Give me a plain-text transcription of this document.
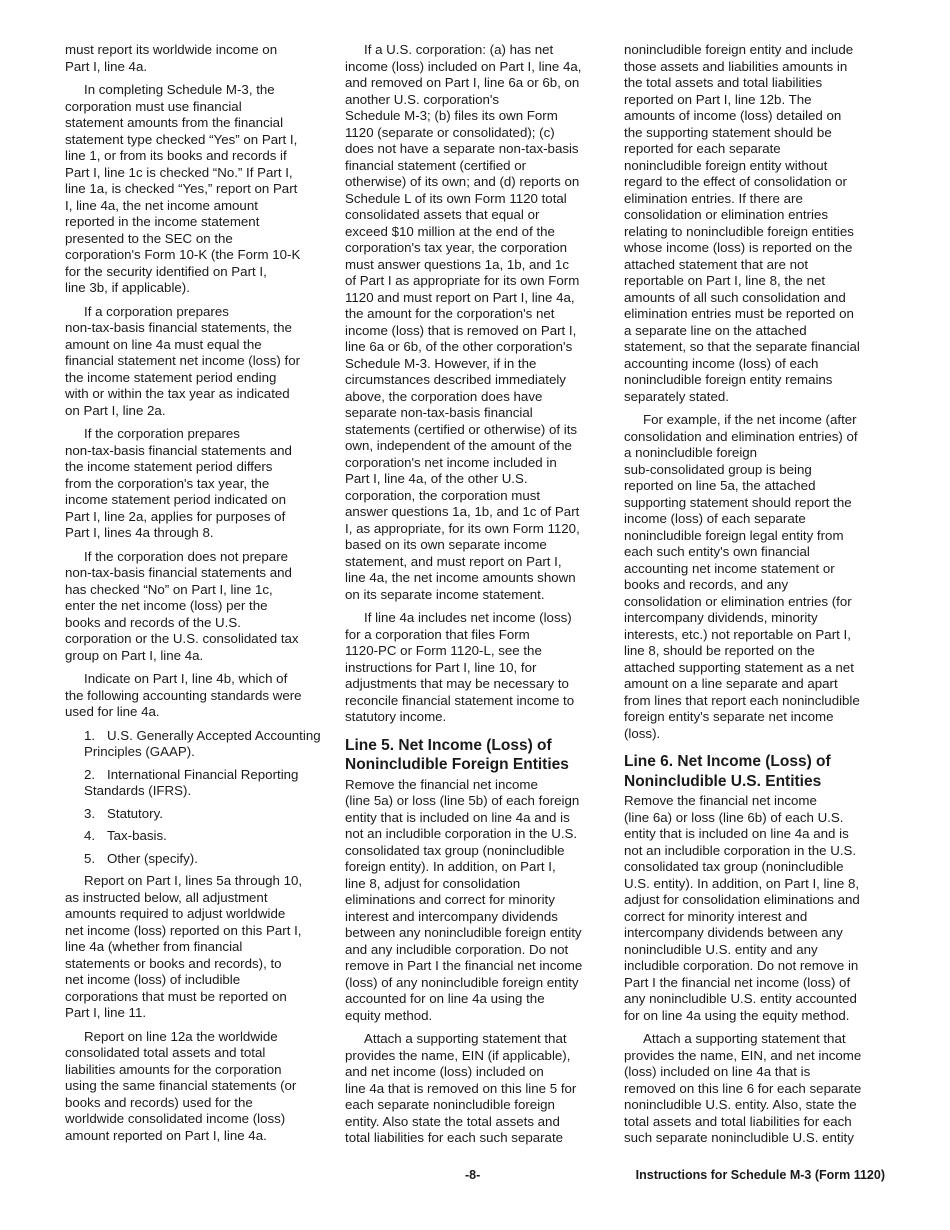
must report its worldwide income on
Part I, line 4a.

In completing Schedule M-3, the
corporation must use financial
statement amounts from the financial
statement type checked “Yes” on Part I,
line 1, or from its books and records if
Part I, line 1c is checked “No.” If Part I,
line 1a, is checked “Yes,” report on Part
I, line 4a, the net income amount
reported in the income statement
presented to the SEC on the
corporation's Form 10-K (the Form 10-K
for the security identified on Part I,
line 3b, if applicable).

If a corporation prepares
non-tax-basis financial statements, the
amount on line 4a must equal the
financial statement net income (loss) for
the income statement period ending
with or within the tax year as indicated
on Part I, line 2a.

If the corporation prepares
non-tax-basis financial statements and
the income statement period differs
from the corporation's tax year, the
income statement period indicated on
Part I, line 2a, applies for purposes of
Part I, lines 4a through 8.

If the corporation does not prepare
non-tax-basis financial statements and
has checked “No” on Part I, line 1c,
enter the net income (loss) per the
books and records of the U.S.
corporation or the U.S. consolidated tax
group on Part I, line 4a.

Indicate on Part I, line 4b, which of
the following accounting standards were
used for line 4a.

1. U.S. Generally Accepted Accounting Principles (GAAP).
2. International Financial Reporting Standards (IFRS).
3. Statutory.
4. Tax-basis.
5. Other (specify).

Report on Part I, lines 5a through 10,
as instructed below, all adjustment
amounts required to adjust worldwide
net income (loss) reported on this Part I,
line 4a (whether from financial
statements or books and records), to
net income (loss) of includible
corporations that must be reported on
Part I, line 11.

Report on line 12a the worldwide
consolidated total assets and total
liabilities amounts for the corporation
using the same financial statements (or
books and records) used for the
worldwide consolidated income (loss)
amount reported on Part I, line 4a.

If a U.S. corporation: (a) has net
income (loss) included on Part I, line 4a,
and removed on Part I, line 6a or 6b, on
another U.S. corporation's
Schedule M-3; (b) files its own Form
1120 (separate or consolidated); (c)
does not have a separate non-tax-basis
financial statement (certified or
otherwise) of its own; and (d) reports on
Schedule L of its own Form 1120 total
consolidated assets that equal or
exceed $10 million at the end of the
corporation's tax year, the corporation
must answer questions 1a, 1b, and 1c
of Part I as appropriate for its own Form
1120 and must report on Part I, line 4a,
the amount for the corporation's net
income (loss) that is removed on Part I,
line 6a or 6b, of the other corporation's
Schedule M-3. However, if in the
circumstances described immediately
above, the corporation does have
separate non-tax-basis financial
statements (certified or otherwise) of its
own, independent of the amount of the
corporation's net income included in
Part I, line 4a, of the other U.S.
corporation, the corporation must
answer questions 1a, 1b, and 1c of Part
I, as appropriate, for its own Form 1120,
based on its own separate income
statement, and must report on Part I,
line 4a, the net income amounts shown
on its separate income statement.

If line 4a includes net income (loss)
for a corporation that files Form
1120-PC or Form 1120-L, see the
instructions for Part I, line 10, for
adjustments that may be necessary to
reconcile financial statement income to
statutory income.

Line 5. Net Income (Loss) of
Nonincludible Foreign Entities

Remove the financial net income
(line 5a) or loss (line 5b) of each foreign
entity that is included on line 4a and is
not an includible corporation in the U.S.
consolidated tax group (nonincludible
foreign entity). In addition, on Part I,
line 8, adjust for consolidation
eliminations and correct for minority
interest and intercompany dividends
between any nonincludible foreign entity
and any includible corporation. Do not
remove in Part I the financial net income
(loss) of any nonincludible foreign entity
accounted for on line 4a using the
equity method.

Attach a supporting statement that
provides the name, EIN (if applicable),
and net income (loss) included on
line 4a that is removed on this line 5 for
each separate nonincludible foreign
entity. Also state the total assets and
total liabilities for each such separate

nonincludible foreign entity and include
those assets and liabilities amounts in
the total assets and total liabilities
reported on Part I, line 12b. The
amounts of income (loss) detailed on
the supporting statement should be
reported for each separate
nonincludible foreign entity without
regard to the effect of consolidation or
elimination entries. If there are
consolidation or elimination entries
relating to nonincludible foreign entities
whose income (loss) is reported on the
attached statement that are not
reportable on Part I, line 8, the net
amounts of all such consolidation and
elimination entries must be reported on
a separate line on the attached
statement, so that the separate financial
accounting income (loss) of each
nonincludible foreign entity remains
separately stated.

For example, if the net income (after
consolidation and elimination entries) of
a nonincludible foreign
sub-consolidated group is being
reported on line 5a, the attached
supporting statement should report the
income (loss) of each separate
nonincludible foreign legal entity from
each such entity's own financial
accounting net income statement or
books and records, and any
consolidation or elimination entries (for
intercompany dividends, minority
interests, etc.) not reportable on Part I,
line 8, should be reported on the
attached supporting statement as a net
amount on a line separate and apart
from lines that report each nonincludible
foreign entity's separate net income
(loss).

Line 6. Net Income (Loss) of
Nonincludible U.S. Entities

Remove the financial net income
(line 6a) or loss (line 6b) of each U.S.
entity that is included on line 4a and is
not an includible corporation in the U.S.
consolidated tax group (nonincludible
U.S. entity). In addition, on Part I, line 8,
adjust for consolidation eliminations and
correct for minority interest and
intercompany dividends between any
nonincludible U.S. entity and any
includible corporation. Do not remove in
Part I the financial net income (loss) of
any nonincludible U.S. entity accounted
for on line 4a using the equity method.

Attach a supporting statement that
provides the name, EIN, and net income
(loss) included on line 4a that is
removed on this line 6 for each separate
nonincludible U.S. entity. Also, state the
total assets and total liabilities for each
such separate nonincludible U.S. entity

-8-	Instructions for Schedule M-3 (Form 1120)
